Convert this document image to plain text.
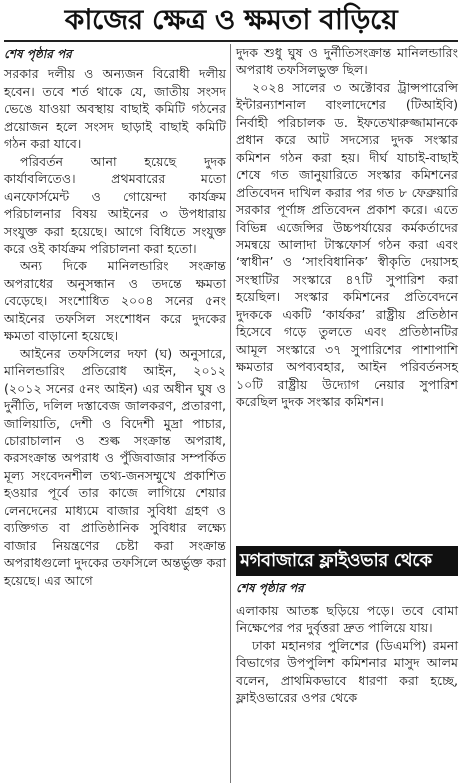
কাজের ক্ষেত্র ও ক্ষমতা বাড়িয়ে
শেষ পৃষ্ঠার পর

সরকার দলীয় ও অন্যজন বিরোধী দলীয় হবেন। তবে শর্ত থাকে যে, জাতীয় সংসদ ভেঙে যাওয়া অবস্থায় বাছাই কমিটি গঠনের প্রয়োজন হলে সংসদ ছাড়াই বাছাই কমিটি গঠন করা যাবে।

পরিবর্তন আনা হয়েছে দুদক কার্যাবলিতেও। প্রথমবারের মতো এনফোর্সমেন্ট ও গোয়েন্দা কার্যক্রম পরিচালনার বিষয় আইনের ৩ উপধারায় সংযুক্ত করা হয়েছে। আগে বিধিতে সংযুক্ত করে ওই কার্যক্রম পরিচালনা করা হতো।

অন্য দিকে মানিলন্ডারিং সংক্রান্ত অপরাধের অনুসন্ধান ও তদন্তে ক্ষমতা বেড়েছে। সংশোধিত ২০০৪ সনের ৫নং আইনের তফসিল সংশোধন করে দুদকের ক্ষমতা বাড়ানো হয়েছে।

আইনের তফসিলের দফা (ঘ) অনুসারে, মানিলন্ডারিং প্রতিরোধ আইন, ২০১২ (২০১২ সনের ৫নং আইন) এর অধীন ঘুষ ও দুর্নীতি, দলিল দস্তাবেজ জালকরণ, প্রতারণা, জালিয়াতি, দেশী ও বিদেশী মুদ্রা পাচার, চোরাচালান ও শুল্ক সংক্রান্ত অপরাধ, করসংক্রান্ত অপরাধ ও পুঁজিবাজার সম্পর্কিত মূল্য সংবেদনশীল তথ্য-জনসম্মুখে প্রকাশিত হওয়ার পূর্বে তার কাজে লাগিয়ে শেয়ার লেনদেনের মাধ্যমে বাজার সুবিধা গ্রহণ ও ব্যক্তিগত বা প্রাতিষ্ঠানিক সুবিধার লক্ষ্যে বাজার নিয়ন্ত্রণের চেষ্টা করা সংক্রান্ত অপরাধগুলো দুদকের তফসিলে অন্তর্ভুক্ত করা হয়েছে। এর আগে

দুদক শুধু ঘুষ ও দুর্নীতিসংক্রান্ত মানিলন্ডারিং অপরাধ তফসিলভুক্ত ছিল।

২০২৪ সালের ৩ অক্টোবর ট্রান্সপারেন্সি ইন্টারন্যাশনাল বাংলাদেশের (টিআইবি) নির্বাহী পরিচালক ড. ইফতেখারুজ্জামানকে প্রধান করে আট সদস্যের দুদক সংস্কার কমিশন গঠন করা হয়। দীর্ঘ যাচাই-বাছাই শেষে গত জানুয়ারিতে সংস্কার কমিশনের প্রতিবেদন দাখিল করার পর গত ৮ ফেব্রুয়ারি সরকার পূর্ণাঙ্গ প্রতিবেদন প্রকাশ করে। এতে বিভিন্ন এজেন্সির উচ্চপর্যায়ের কর্মকর্তাদের সমন্বয়ে আলাদা টাস্কফোর্স গঠন করা এবং ‘স্বাধীন’ ও ‘সাংবিধানিক’ স্বীকৃতি দেয়াসহ সংস্থাটির সংস্কারে ৪৭টি সুপারিশ করা হয়েছিল। সংস্কার কমিশনের প্রতিবেদনে দুদককে একটি ‘কার্যকর’ রাষ্ট্রীয় প্রতিষ্ঠান হিসেবে গড়ে তুলতে এবং প্রতিষ্ঠানটির আমূল সংস্কারে ৩৭ সুপারিশের পাশাপাশি ক্ষমতার অপব্যবহার, আইন পরিবর্তনসহ ১০টি রাষ্ট্রীয় উদ্যোগ নেয়ার সুপারিশ করেছিল দুদক সংস্কার কমিশন।

মগবাজারে ফ্লাইওভার থেকে
শেষ পৃষ্ঠার পর

এলাকায় আতঙ্ক ছড়িয়ে পড়ে। তবে বোমা নিক্ষেপের পর দুর্বৃত্তরা দ্রুত পালিয়ে যায়।

ঢাকা মহানগর পুলিশের (ডিএমপি) রমনা বিভাগের উপপুলিশ কমিশনার মাসুদ আলম বলেন, প্রাথমিকভাবে ধারণা করা হচ্ছে, ফ্লাইওভারের ওপর থেকে
